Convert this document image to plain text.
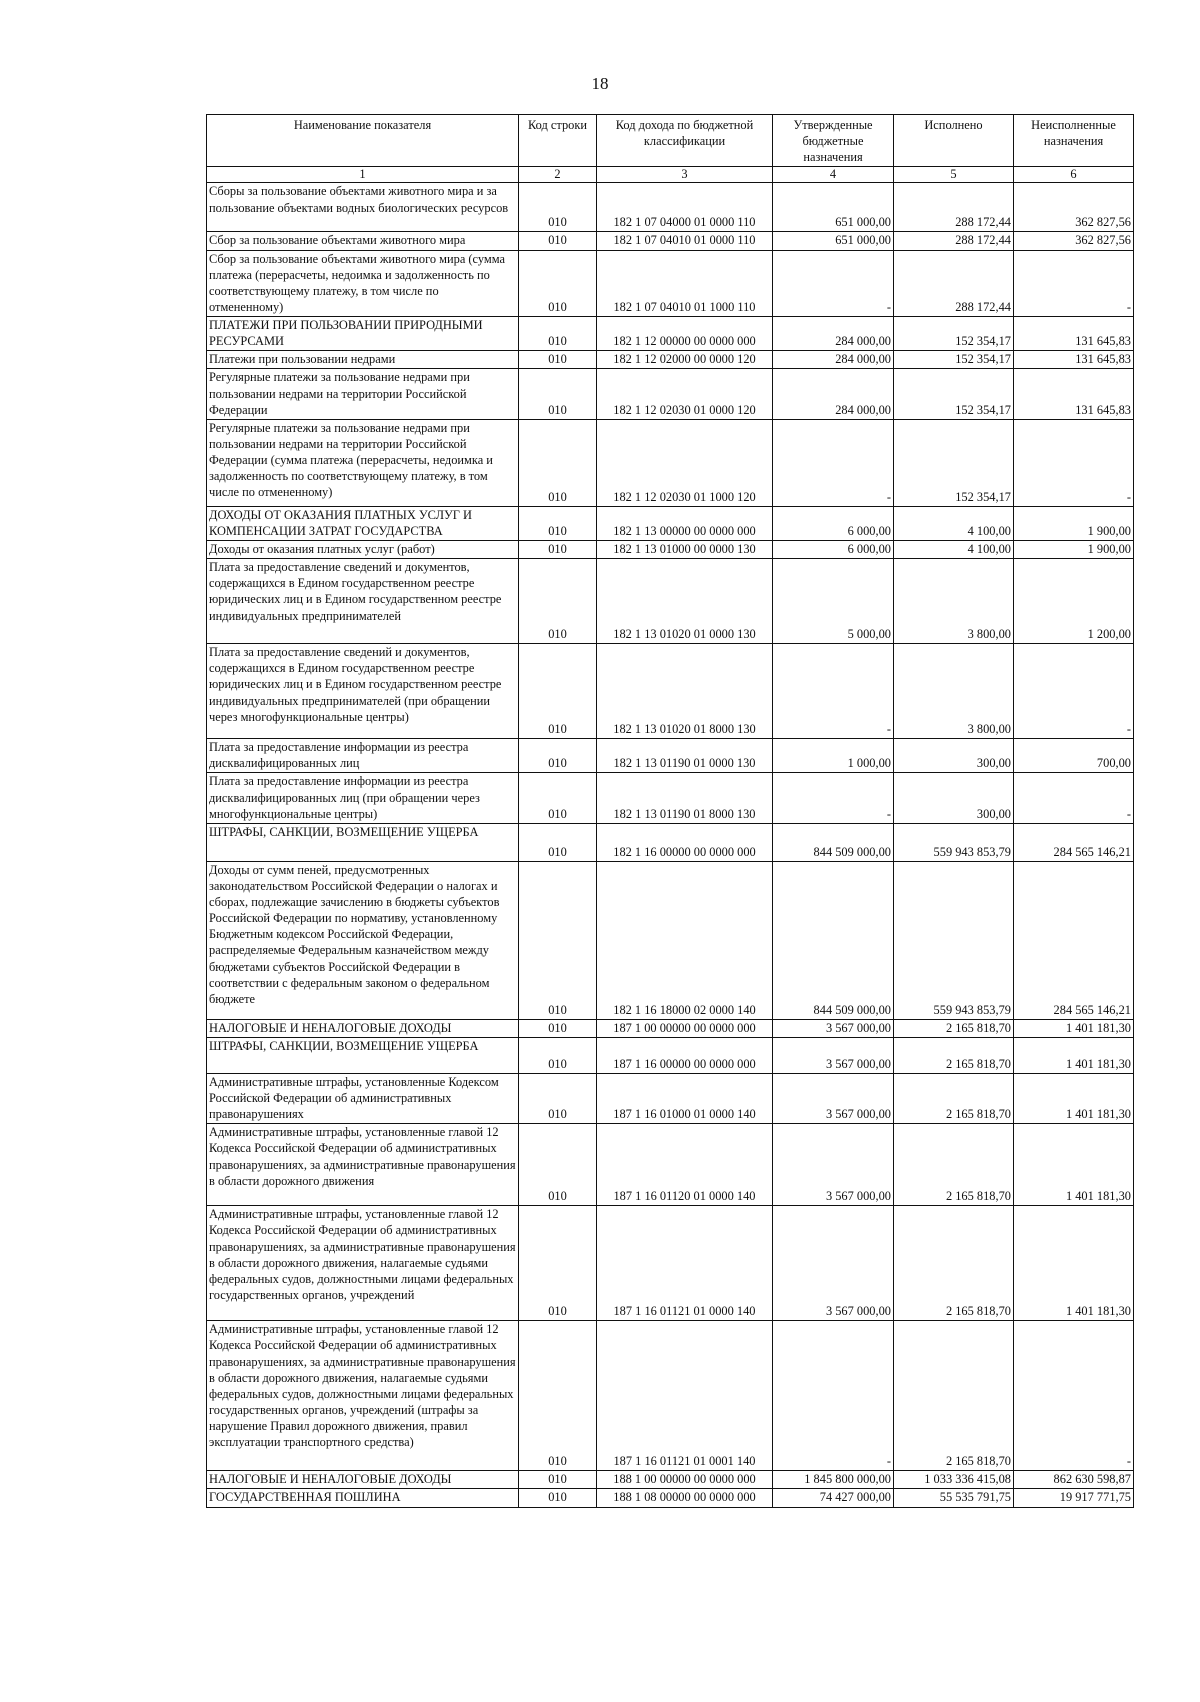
18
Наименование показателя	Код строки	Код дохода по бюджетной классификации	Утвержденные бюджетные назначения	Исполнено	Неисполненные назначения
1	2	3	4	5	6
Сборы за пользование объектами животного мира и за пользование объектами водных биологических ресурсов	010	182 1 07 04000 01 0000 110	651 000,00	288 172,44	362 827,56
Сбор за пользование объектами животного мира	010	182 1 07 04010 01 0000 110	651 000,00	288 172,44	362 827,56
Сбор за пользование объектами животного мира (сумма платежа (перерасчеты, недоимка и задолженность по соответствующему платежу, в том числе по отмененному)	010	182 1 07 04010 01 1000 110	-	288 172,44	-
ПЛАТЕЖИ ПРИ ПОЛЬЗОВАНИИ ПРИРОДНЫМИ РЕСУРСАМИ	010	182 1 12 00000 00 0000 000	284 000,00	152 354,17	131 645,83
Платежи при пользовании недрами	010	182 1 12 02000 00 0000 120	284 000,00	152 354,17	131 645,83
Регулярные платежи за пользование недрами при пользовании недрами на территории Российской Федерации	010	182 1 12 02030 01 0000 120	284 000,00	152 354,17	131 645,83
Регулярные платежи за пользование недрами при пользовании недрами на территории Российской Федерации (сумма платежа (перерасчеты, недоимка и задолженность по соответствующему платежу, в том числе по отмененному)	010	182 1 12 02030 01 1000 120	-	152 354,17	-
ДОХОДЫ ОТ ОКАЗАНИЯ ПЛАТНЫХ УСЛУГ И КОМПЕНСАЦИИ ЗАТРАТ ГОСУДАРСТВА	010	182 1 13 00000 00 0000 000	6 000,00	4 100,00	1 900,00
Доходы от оказания платных услуг (работ)	010	182 1 13 01000 00 0000 130	6 000,00	4 100,00	1 900,00
Плата за предоставление сведений и документов, содержащихся в Едином государственном реестре юридических лиц и в Едином государственном реестре индивидуальных предпринимателей	010	182 1 13 01020 01 0000 130	5 000,00	3 800,00	1 200,00
Плата за предоставление сведений и документов, содержащихся в Едином государственном реестре юридических лиц и в Едином государственном реестре индивидуальных предпринимателей (при обращении через многофункциональные центры)	010	182 1 13 01020 01 8000 130	-	3 800,00	-
Плата за предоставление информации из реестра дисквалифицированных лиц	010	182 1 13 01190 01 0000 130	1 000,00	300,00	700,00
Плата за предоставление информации из реестра дисквалифицированных лиц (при обращении через многофункциональные центры)	010	182 1 13 01190 01 8000 130	-	300,00	-
ШТРАФЫ, САНКЦИИ, ВОЗМЕЩЕНИЕ УЩЕРБА	010	182 1 16 00000 00 0000 000	844 509 000,00	559 943 853,79	284 565 146,21
Доходы от сумм пеней, предусмотренных законодательством Российской Федерации о налогах и сборах, подлежащие зачислению в бюджеты субъектов Российской Федерации по нормативу, установленному Бюджетным кодексом Российской Федерации, распределяемые Федеральным казначейством между бюджетами субъектов Российской Федерации в соответствии с федеральным законом о федеральном бюджете	010	182 1 16 18000 02 0000 140	844 509 000,00	559 943 853,79	284 565 146,21
НАЛОГОВЫЕ И НЕНАЛОГОВЫЕ ДОХОДЫ	010	187 1 00 00000 00 0000 000	3 567 000,00	2 165 818,70	1 401 181,30
ШТРАФЫ, САНКЦИИ, ВОЗМЕЩЕНИЕ УЩЕРБА	010	187 1 16 00000 00 0000 000	3 567 000,00	2 165 818,70	1 401 181,30
Административные штрафы, установленные Кодексом Российской Федерации об административных правонарушениях	010	187 1 16 01000 01 0000 140	3 567 000,00	2 165 818,70	1 401 181,30
Административные штрафы, установленные главой 12 Кодекса Российской Федерации об административных правонарушениях, за административные правонарушения в области дорожного движения	010	187 1 16 01120 01 0000 140	3 567 000,00	2 165 818,70	1 401 181,30
Административные штрафы, установленные главой 12 Кодекса Российской Федерации об административных правонарушениях, за административные правонарушения в области дорожного движения, налагаемые судьями федеральных судов, должностными лицами федеральных государственных органов, учреждений	010	187 1 16 01121 01 0000 140	3 567 000,00	2 165 818,70	1 401 181,30
Административные штрафы, установленные главой 12 Кодекса Российской Федерации об административных правонарушениях, за административные правонарушения в области дорожного движения, налагаемые судьями федеральных судов, должностными лицами федеральных государственных органов, учреждений (штрафы за нарушение Правил дорожного движения, правил эксплуатации транспортного средства)	010	187 1 16 01121 01 0001 140	-	2 165 818,70	-
НАЛОГОВЫЕ И НЕНАЛОГОВЫЕ ДОХОДЫ	010	188 1 00 00000 00 0000 000	1 845 800 000,00	1 033 336 415,08	862 630 598,87
ГОСУДАРСТВЕННАЯ ПОШЛИНА	010	188 1 08 00000 00 0000 000	74 427 000,00	55 535 791,75	19 917 771,75
